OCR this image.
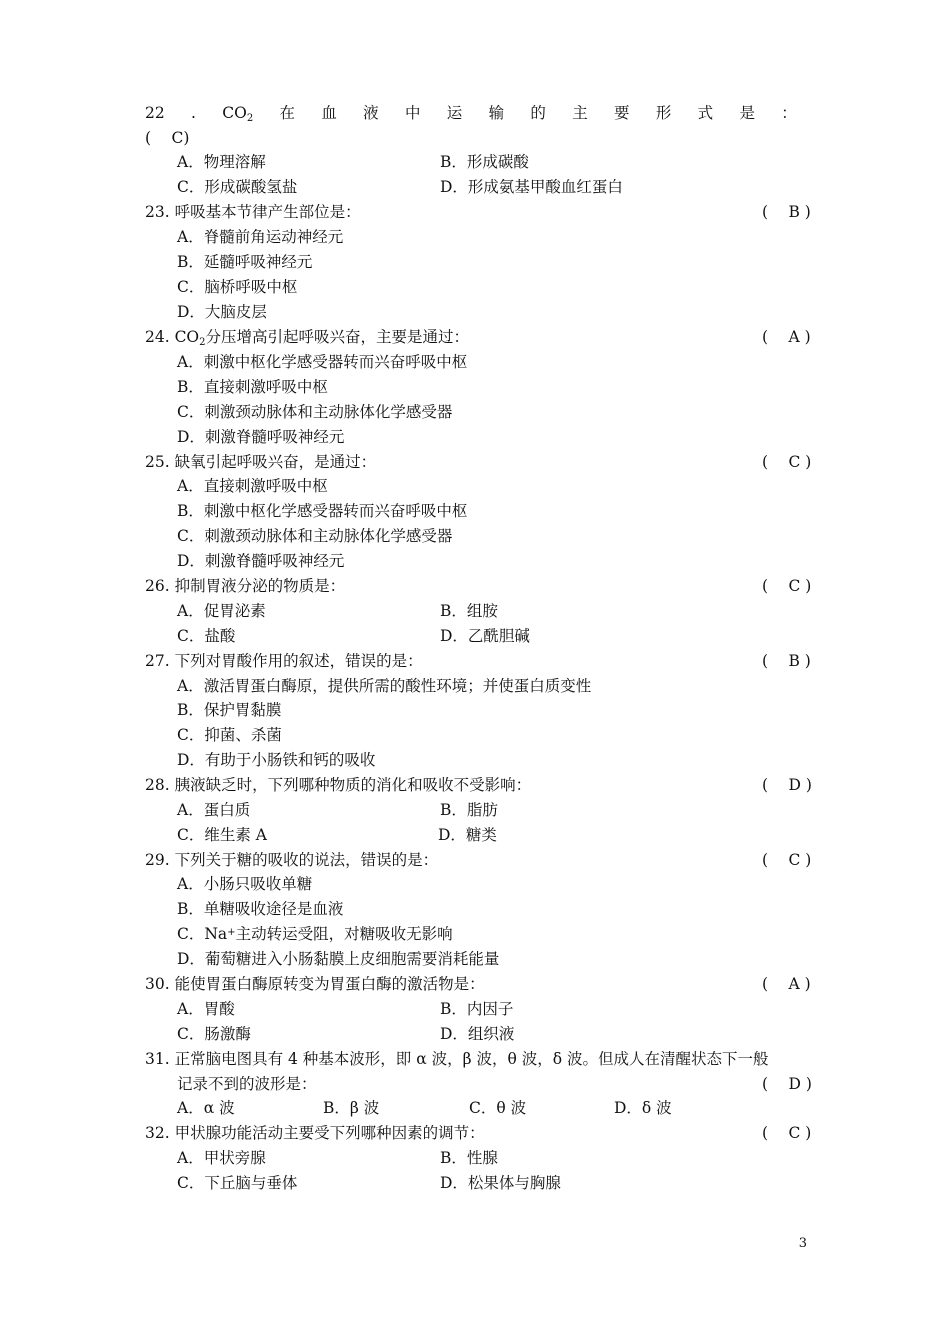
22 . $CO_2$ 在 血 液 中 运 输 的 主 要 形 式 是 ：
(　 C)
A．物理溶解	B．形成碳酸
C．形成碳酸氢盐	D．形成氨基甲酸血红蛋白
23. 呼吸基本节律产生部位是：	( 　B )
A．脊髓前角运动神经元
B．延髓呼吸神经元
C．脑桥呼吸中枢
D．大脑皮层
24. $CO_2$分压增高引起呼吸兴奋，主要是通过：	( 　A )
A．刺激中枢化学感受器转而兴奋呼吸中枢
B．直接刺激呼吸中枢
C．刺激颈动脉体和主动脉体化学感受器
D．刺激脊髓呼吸神经元
25. 缺氧引起呼吸兴奋，是通过：	( 　C )
A．直接刺激呼吸中枢
B．刺激中枢化学感受器转而兴奋呼吸中枢
C．刺激颈动脉体和主动脉体化学感受器
D．刺激脊髓呼吸神经元
26. 抑制胃液分泌的物质是：	( 　C )
A．促胃泌素	B．组胺
C．盐酸	D．乙酰胆碱
27. 下列对胃酸作用的叙述，错误的是：	( 　B )
A．激活胃蛋白酶原，提供所需的酸性环境；并使蛋白质变性
B．保护胃黏膜
C．抑菌、杀菌
D．有助于小肠铁和钙的吸收
28. 胰液缺乏时，下列哪种物质的消化和吸收不受影响：	( 　D )
A．蛋白质	B．脂肪
C．维生素 A	D．糖类
29. 下列关于糖的吸收的说法，错误的是：	( 　C )
A．小肠只吸收单糖
B．单糖吸收途径是血液
C．Na+主动转运受阻，对糖吸收无影响
D．葡萄糖进入小肠黏膜上皮细胞需要消耗能量
30. 能使胃蛋白酶原转变为胃蛋白酶的激活物是：	( 　A )
A．胃酸	B．内因子
C．肠激酶	D．组织液
31. 正常脑电图具有 4 种基本波形，即 α 波，β 波，θ 波，δ 波。但成人在清醒状态下一般
记录不到的波形是：	( 　D )
A．α 波	B．β 波	C．θ 波	D．δ 波
32. 甲状腺功能活动主要受下列哪种因素的调节：	( 　C )
A．甲状旁腺	B．性腺
C．下丘脑与垂体	D．松果体与胸腺
3
